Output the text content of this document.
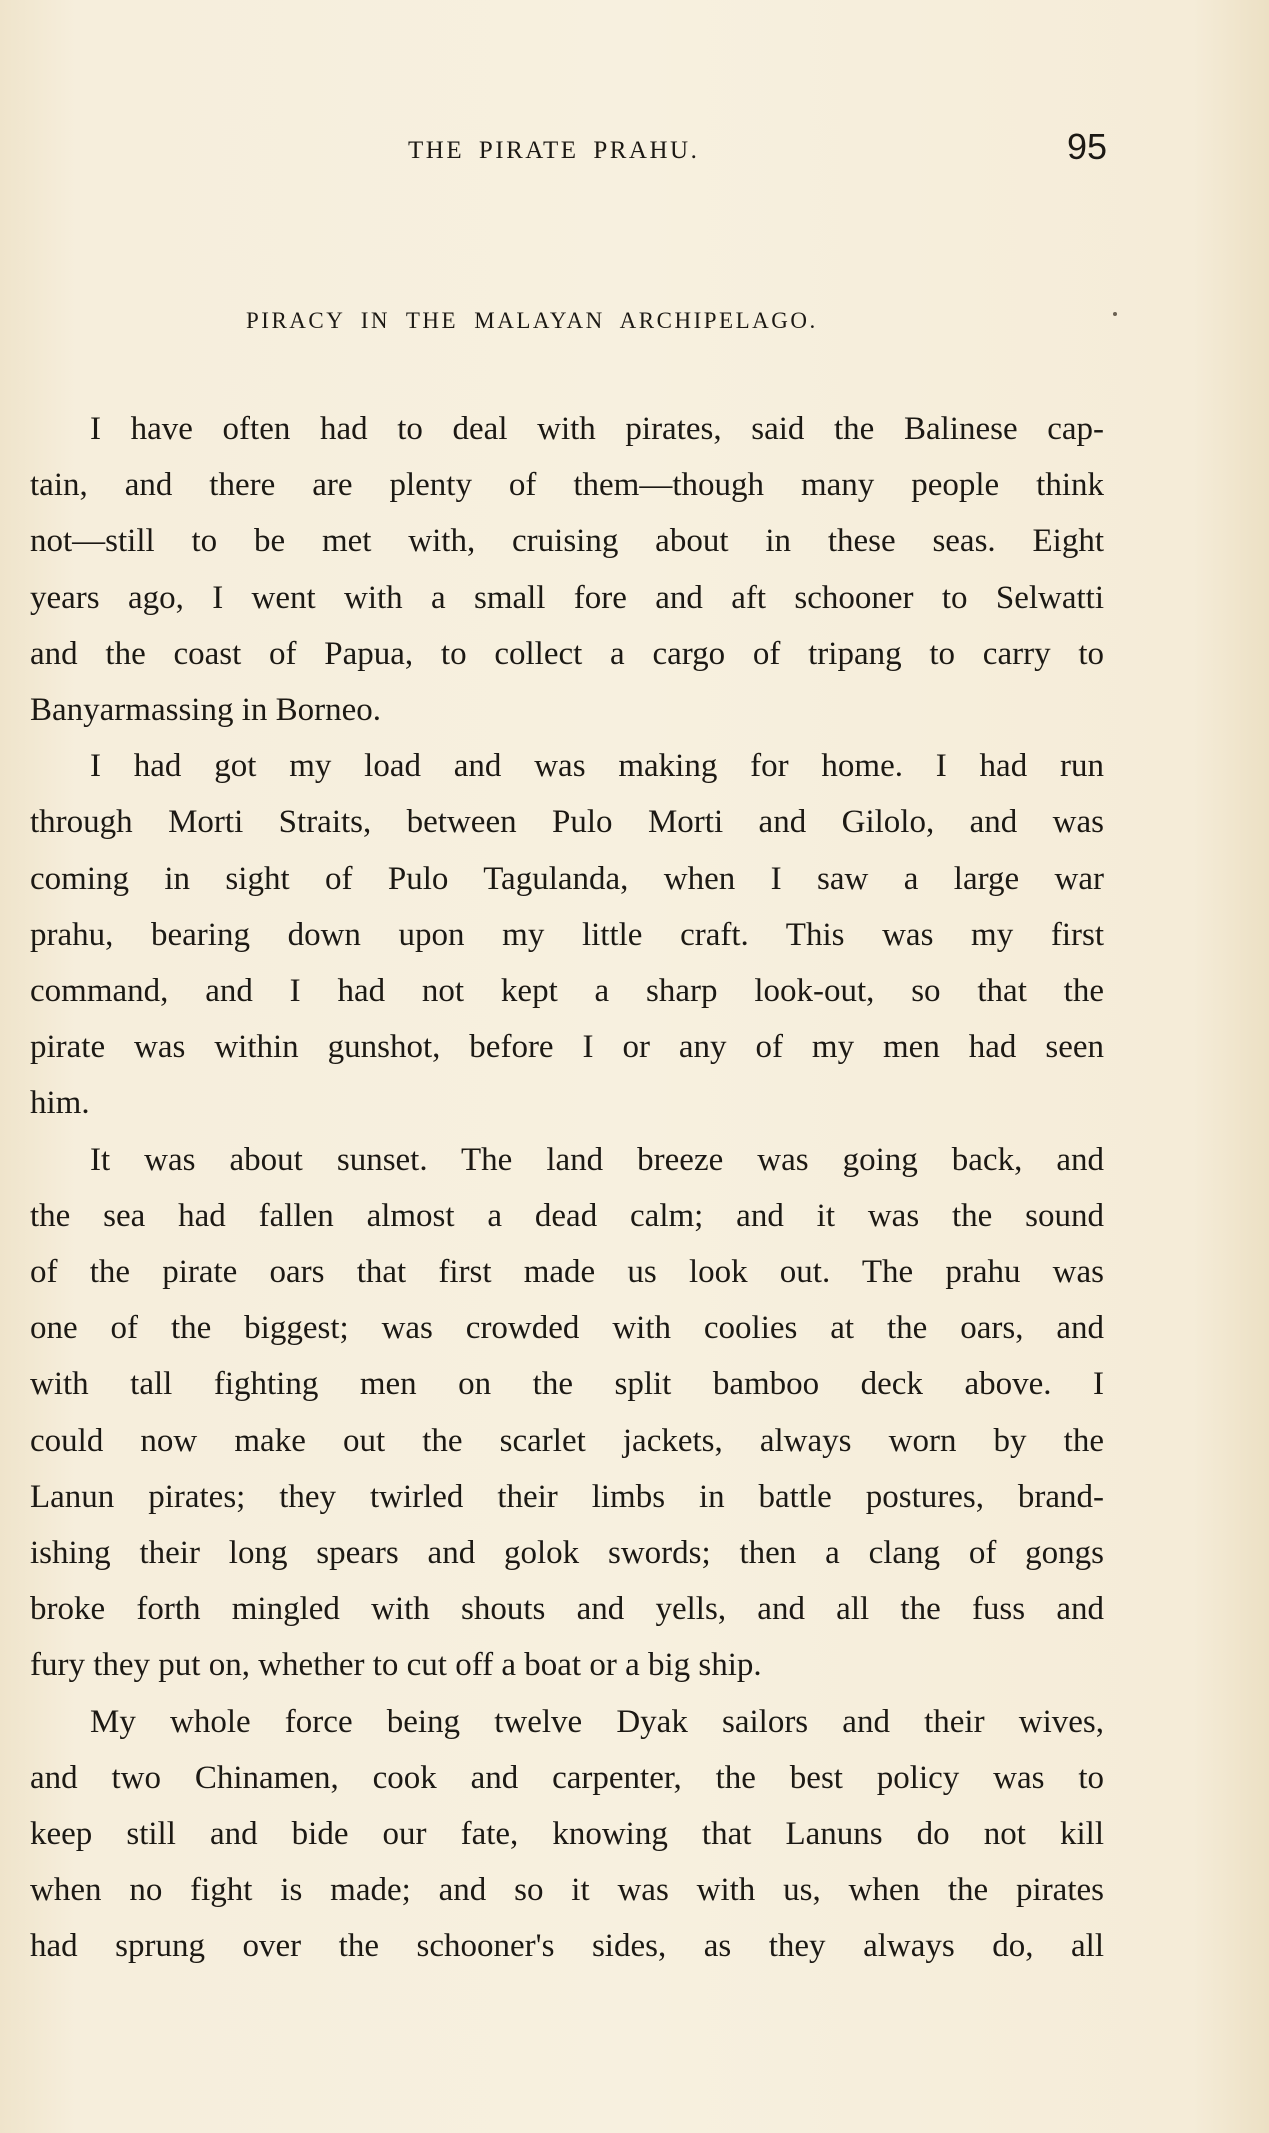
THE PIRATE PRAHU.	95
PIRACY IN THE MALAYAN ARCHIPELAGO.
I have often had to deal with pirates, said the Balinese cap-
tain, and there are plenty of them—though many people think
not—still to be met with, cruising about in these seas. Eight
years ago, I went with a small fore and aft schooner to Selwatti
and the coast of Papua, to collect a cargo of tripang to carry to
Banyarmassing in Borneo.
I had got my load and was making for home. I had run
through Morti Straits, between Pulo Morti and Gilolo, and was
coming in sight of Pulo Tagulanda, when I saw a large war
prahu, bearing down upon my little craft. This was my first
command, and I had not kept a sharp look-out, so that the
pirate was within gunshot, before I or any of my men had seen
him.
It was about sunset. The land breeze was going back, and
the sea had fallen almost a dead calm; and it was the sound
of the pirate oars that first made us look out. The prahu was
one of the biggest; was crowded with coolies at the oars, and
with tall fighting men on the split bamboo deck above. I
could now make out the scarlet jackets, always worn by the
Lanun pirates; they twirled their limbs in battle postures, brand-
ishing their long spears and golok swords; then a clang of gongs
broke forth mingled with shouts and yells, and all the fuss and
fury they put on, whether to cut off a boat or a big ship.
My whole force being twelve Dyak sailors and their wives,
and two Chinamen, cook and carpenter, the best policy was to
keep still and bide our fate, knowing that Lanuns do not kill
when no fight is made; and so it was with us, when the pirates
had sprung over the schooner's sides, as they always do, all
